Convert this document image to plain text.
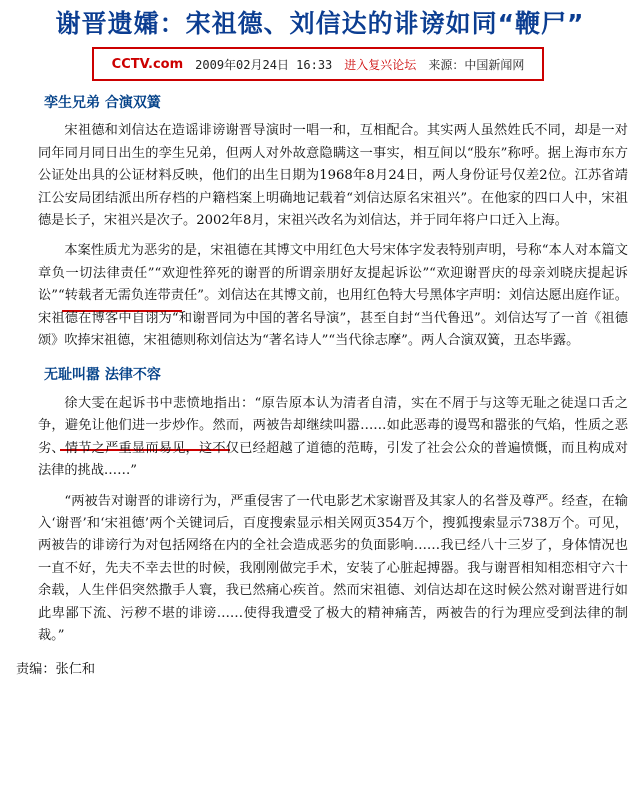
谢晋遗孀：宋祖德、刘信达的诽谤如同“鞭尸”
CCTV.com 2009年02月24日 16:33 进入复兴论坛 来源：中国新闻网
孪生兄弟 合演双簧

宋祖德和刘信达在造谣诽谤谢晋导演时一唱一和，互相配合。其实两人虽然姓氏不同，却是一对同年同月同日出生的孪生兄弟，但两人对外故意隐瞒这一事实，相互间以“股东”称呼。据上海市东方公证处出具的公证材料反映，他们的出生日期为1968年8月24日，两人身份证号仅差2位。江苏省靖江公安局团结派出所存档的户籍档案上明确地记载着“刘信达原名宋祖兴”。在他家的四口人中，宋祖德是长子，宋祖兴是次子。2002年8月，宋祖兴改名为刘信达，并于同年将户口迁入上海。

本案性质尤为恶劣的是，宋祖德在其博文中用红色大号宋体字发表特别声明，号称“本人对本篇文章负一切法律责任”“欢迎性猝死的谢晋的所谓亲朋好友提起诉讼”“欢迎谢晋庆的母亲刘晓庆提起诉讼”“转载者无需负连带责任”。刘信达在其博文前，也用红色特大号黑体字声明：刘信达愿出庭作证。宋祖德在博客中自诩为“和谢晋同为中国的著名导演”，甚至自封“当代鲁迅”。刘信达写了一首《祖德颂》吹捧宋祖德，宋祖德则称刘信达为“著名诗人”“当代徐志摩”。两人合演双簧，丑态毕露。

无耻叫嚣 法律不容

徐大雯在起诉书中悲愤地指出：“原告原本认为清者自清，实在不屑于与这等无耻之徒逞口舌之争，避免让他们进一步炒作。然而，两被告却继续叫嚣……如此恶毒的谩骂和嚣张的气焰，性质之恶劣、情节之严重显而易见，这不仅已经超越了道德的范畴，引发了社会公众的普遍愤慨，而且构成对法律的挑战……”

“两被告对谢晋的诽谤行为，严重侵害了一代电影艺术家谢晋及其家人的名誉及尊严。经查，在输入‘谢晋’和‘宋祖德’两个关键词后，百度搜索显示相关网页354万个，搜狐搜索显示738万个。可见，两被告的诽谤行为对包括网络在内的全社会造成恶劣的负面影响……我已经八十三岁了，身体情况也一直不好，先夫不幸去世的时候，我刚刚做完手术，安装了心脏起搏器。我与谢晋相知相恋相守六十余载，人生伴侣突然撒手人寰，我已然痛心疾首。然而宋祖德、刘信达却在这时候公然对谢晋进行如此卑鄙下流、污秽不堪的诽谤……使得我遭受了极大的精神痛苦，两被告的行为理应受到法律的制裁。”

责编：张仁和
